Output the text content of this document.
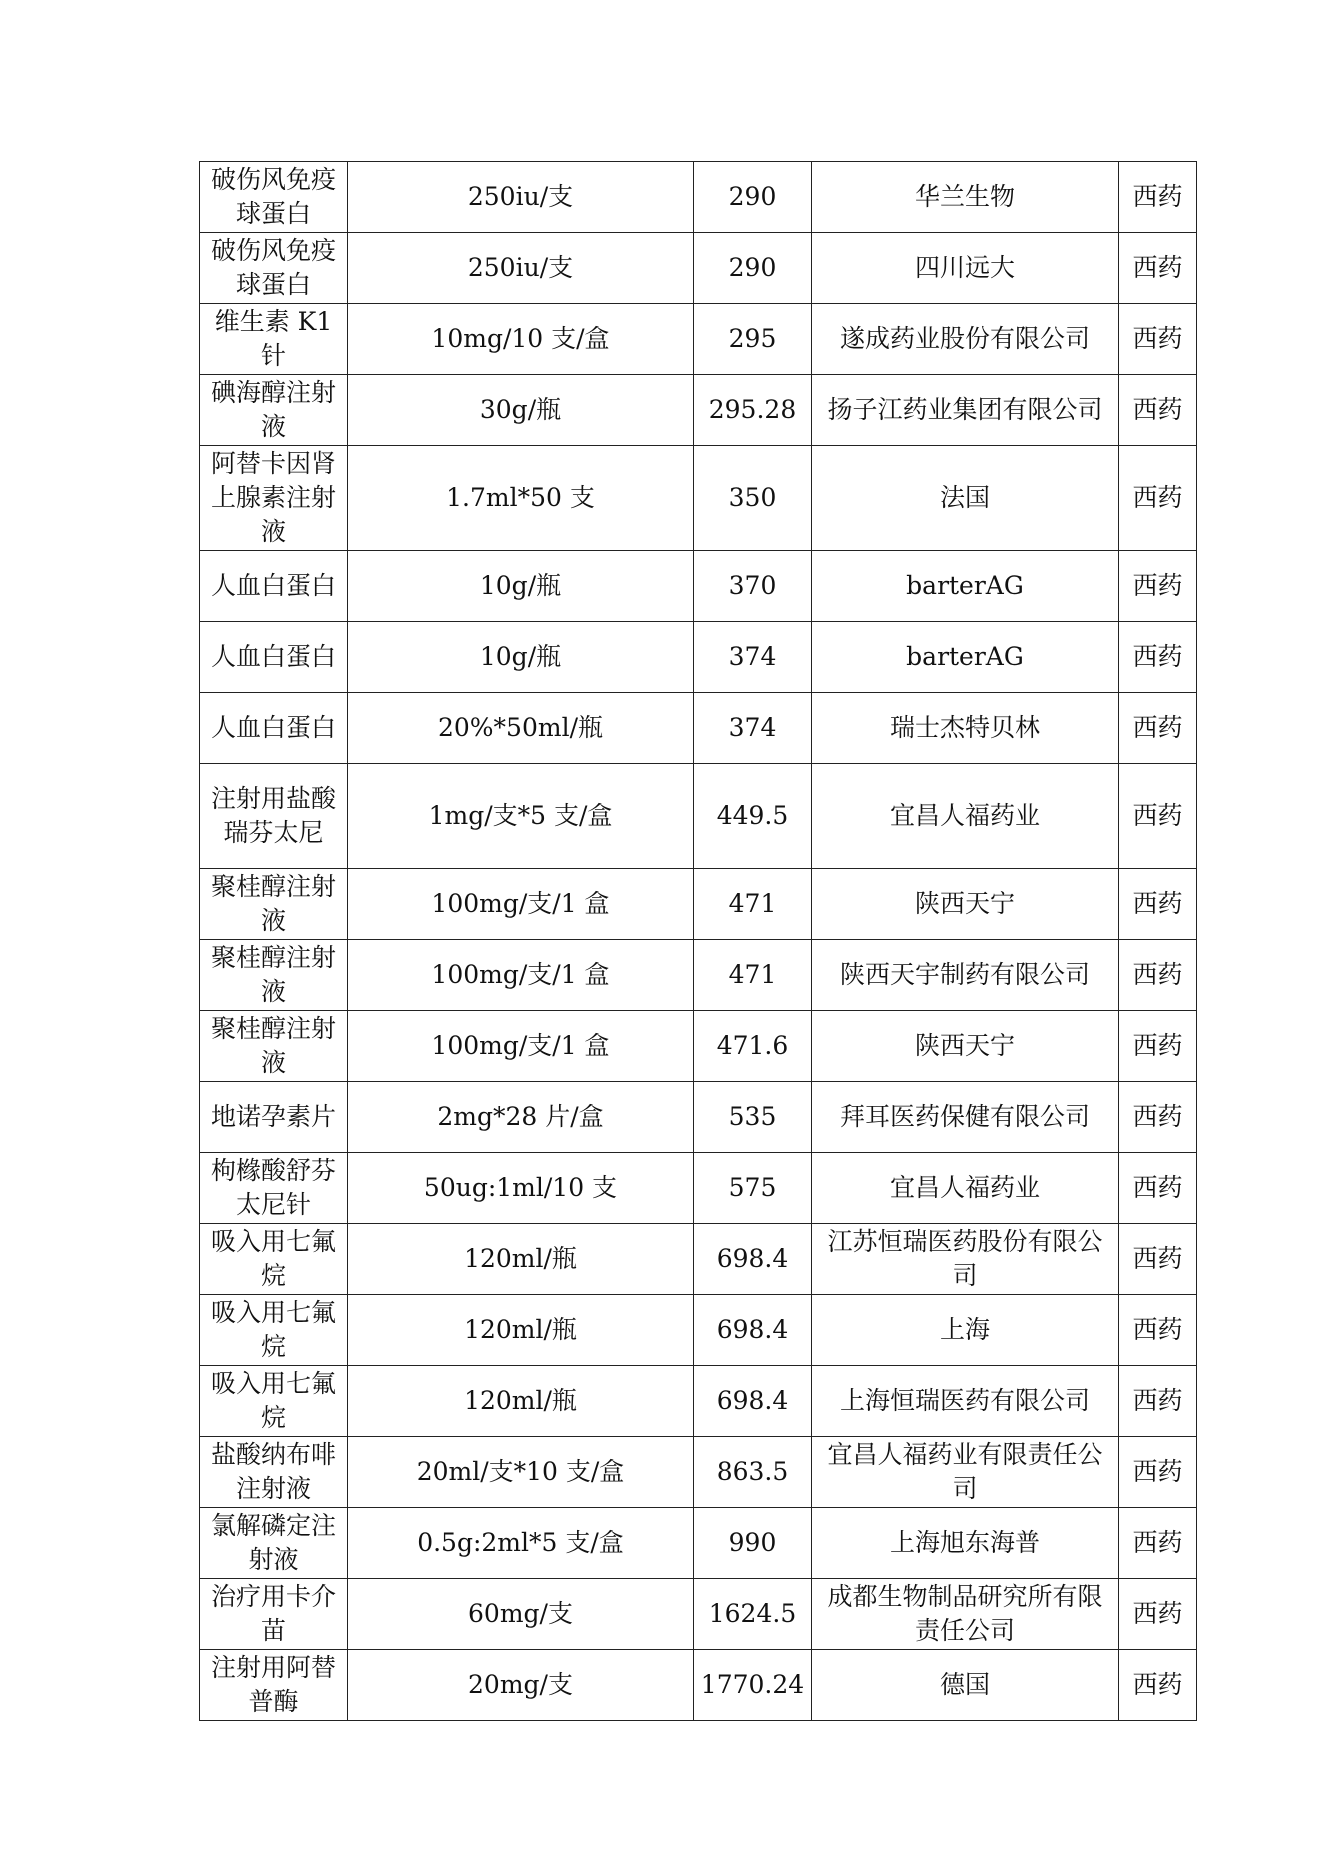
破伤风免疫球蛋白	250iu/支	290	华兰生物	西药
破伤风免疫球蛋白	250iu/支	290	四川远大	西药
维生素 K1 针	10mg/10 支/盒	295	遂成药业股份有限公司	西药
碘海醇注射液	30g/瓶	295.28	扬子江药业集团有限公司	西药
阿替卡因肾上腺素注射液	1.7ml*50 支	350	法国	西药
人血白蛋白	10g/瓶	370	barterAG	西药
人血白蛋白	10g/瓶	374	barterAG	西药
人血白蛋白	20%*50ml/瓶	374	瑞士杰特贝林	西药
注射用盐酸瑞芬太尼	1mg/支*5 支/盒	449.5	宜昌人福药业	西药
聚桂醇注射液	100mg/支/1 盒	471	陕西天宁	西药
聚桂醇注射液	100mg/支/1 盒	471	陕西天宇制药有限公司	西药
聚桂醇注射液	100mg/支/1 盒	471.6	陕西天宁	西药
地诺孕素片	2mg*28 片/盒	535	拜耳医药保健有限公司	西药
枸橼酸舒芬太尼针	50ug:1ml/10 支	575	宜昌人福药业	西药
吸入用七氟烷	120ml/瓶	698.4	江苏恒瑞医药股份有限公司	西药
吸入用七氟烷	120ml/瓶	698.4	上海	西药
吸入用七氟烷	120ml/瓶	698.4	上海恒瑞医药有限公司	西药
盐酸纳布啡注射液	20ml/支*10 支/盒	863.5	宜昌人福药业有限责任公司	西药
氯解磷定注射液	0.5g:2ml*5 支/盒	990	上海旭东海普	西药
治疗用卡介苗	60mg/支	1624.5	成都生物制品研究所有限责任公司	西药
注射用阿替普酶	20mg/支	1770.24	德国	西药
